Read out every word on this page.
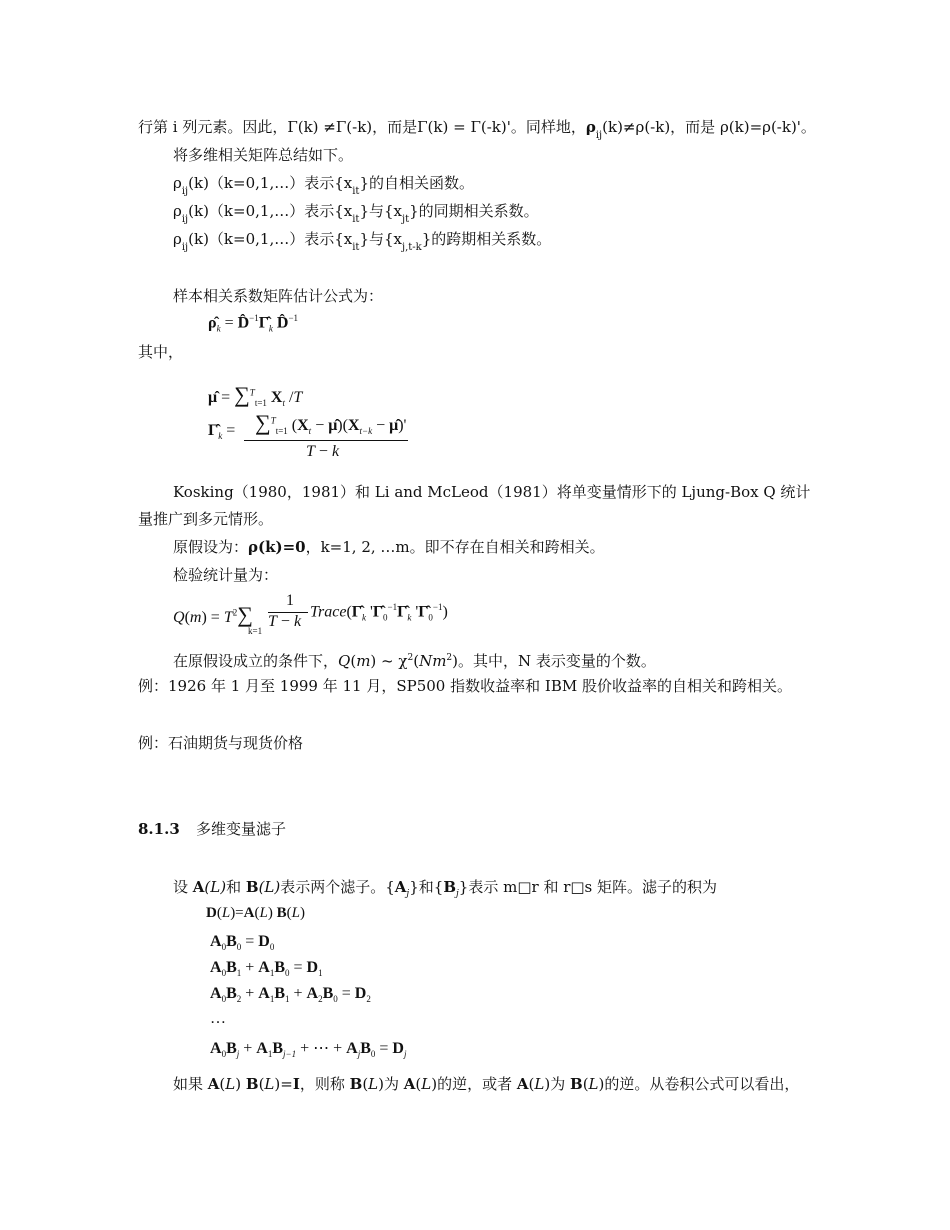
行第 i 列元素。因此，Γ(k) ≠Γ(-k)，而是Γ(k) = Γ(-k)'。同样地，$\rho_{ij}(k)\ne\rho(-k)$，而是 ρ(k)=ρ(-k)'。
将多维相关矩阵总结如下。
$\rho_{ij}(k)(k=0,1,\dots)$表示$\{x_{it}\}$的自相关函数。
$\rho_{ij}(k)(k=0,1,\dots)$表示$\{x_{it}\}$与$\{x_{jt}\}$的同期相关系数。
$\rho_{ij}(k)(k=0,1,\dots)$表示$\{x_{it}\}$与$\{x_{j,t-k}\}$的跨期相关系数。
样本相关系数矩阵估计公式为：
$\rhô_k$ = $D̂^{-1}\Gammâ_k$ D̂$^{-1}$
其中，
μ̂ = ∑$^T_{t=1}$ $X_t$ /T
$\Gammâ_k = \sum^T_{t=1}$ ($X_t$ − $\mû)(X_{t-k}$ − μ̂)'
T − k
Kosking（1980，1981）和 Li and McLeod（1981）将单变量情形下的 Ljung-Box Q 统计
量推广到多元情形。
原假设为：ρ(k)=0，k=1, 2, …m。即不存在自相关和跨相关。
检验统计量为：
$Q(m) = T^2\sum$
k=1
1
T − k
$Trace(\Gammâ_k$ '$\Gammâ_0^{-1}\Gammâ_k$ '$\Gammâ_0^{-1}$)
在原假设成立的条件下，Q(m) ~ $\chi^2(Nm^2)$。其中，N 表示变量的个数。
例：1926 年 1 月至 1999 年 11 月，SP500 指数收益率和 IBM 股价收益率的自相关和跨相关。
例：石油期货与现货价格
8.1.3 多维变量滤子
设 A(L)和 B(L)表示两个滤子。$\{A_j\}$和$\{B_j\}$表示 m□r 和 r□s 矩阵。滤子的积为
D(L)=A(L) B(L)
$A_0B_0 = D_0$
$A_0B_1 + A_1B_0 = D_1$
$A_0B_2 + A_1B_1 + A_2B_0 = D_2$
…
$A_0B_j + A_1B_{j-1}$ + ⋯ + $A_jB_0 = D_j$
如果 A(L) B(L)=I，则称 B(L)为 A(L)的逆，或者 A(L)为 B(L)的逆。从卷积公式可以看出，
